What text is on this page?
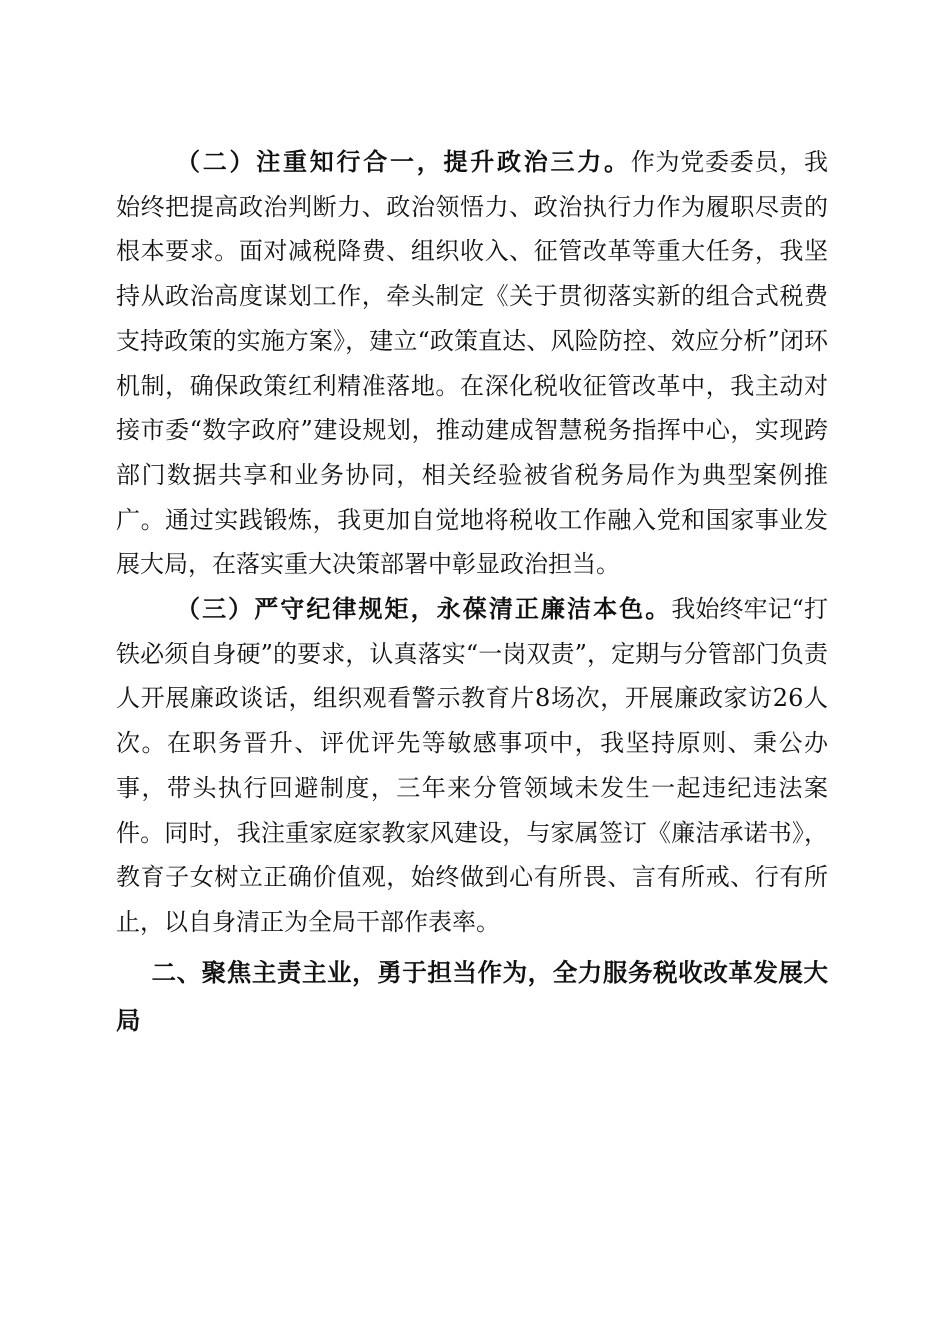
（二）注重知行合一，提升政治三力。作为党委委员，我始终把提高政治判断力、政治领悟力、政治执行力作为履职尽责的根本要求。面对减税降费、组织收入、征管改革等重大任务，我坚持从政治高度谋划工作，牵头制定《关于贯彻落实新的组合式税费支持政策的实施方案》，建立“政策直达、风险防控、效应分析”闭环机制，确保政策红利精准落地。在深化税收征管改革中，我主动对接市委“数字政府”建设规划，推动建成智慧税务指挥中心，实现跨部门数据共享和业务协同，相关经验被省税务局作为典型案例推广。通过实践锻炼，我更加自觉地将税收工作融入党和国家事业发展大局，在落实重大决策部署中彰显政治担当。

（三）严守纪律规矩，永葆清正廉洁本色。我始终牢记“打铁必须自身硬”的要求，认真落实“一岗双责”，定期与分管部门负责人开展廉政谈话，组织观看警示教育片8场次，开展廉政家访26人次。在职务晋升、评优评先等敏感事项中，我坚持原则、秉公办事，带头执行回避制度，三年来分管领域未发生一起违纪违法案件。同时，我注重家庭家教家风建设，与家属签订《廉洁承诺书》，教育子女树立正确价值观，始终做到心有所畏、言有所戒、行有所止，以自身清正为全局干部作表率。

二、聚焦主责主业，勇于担当作为，全力服务税收改革发展大局
